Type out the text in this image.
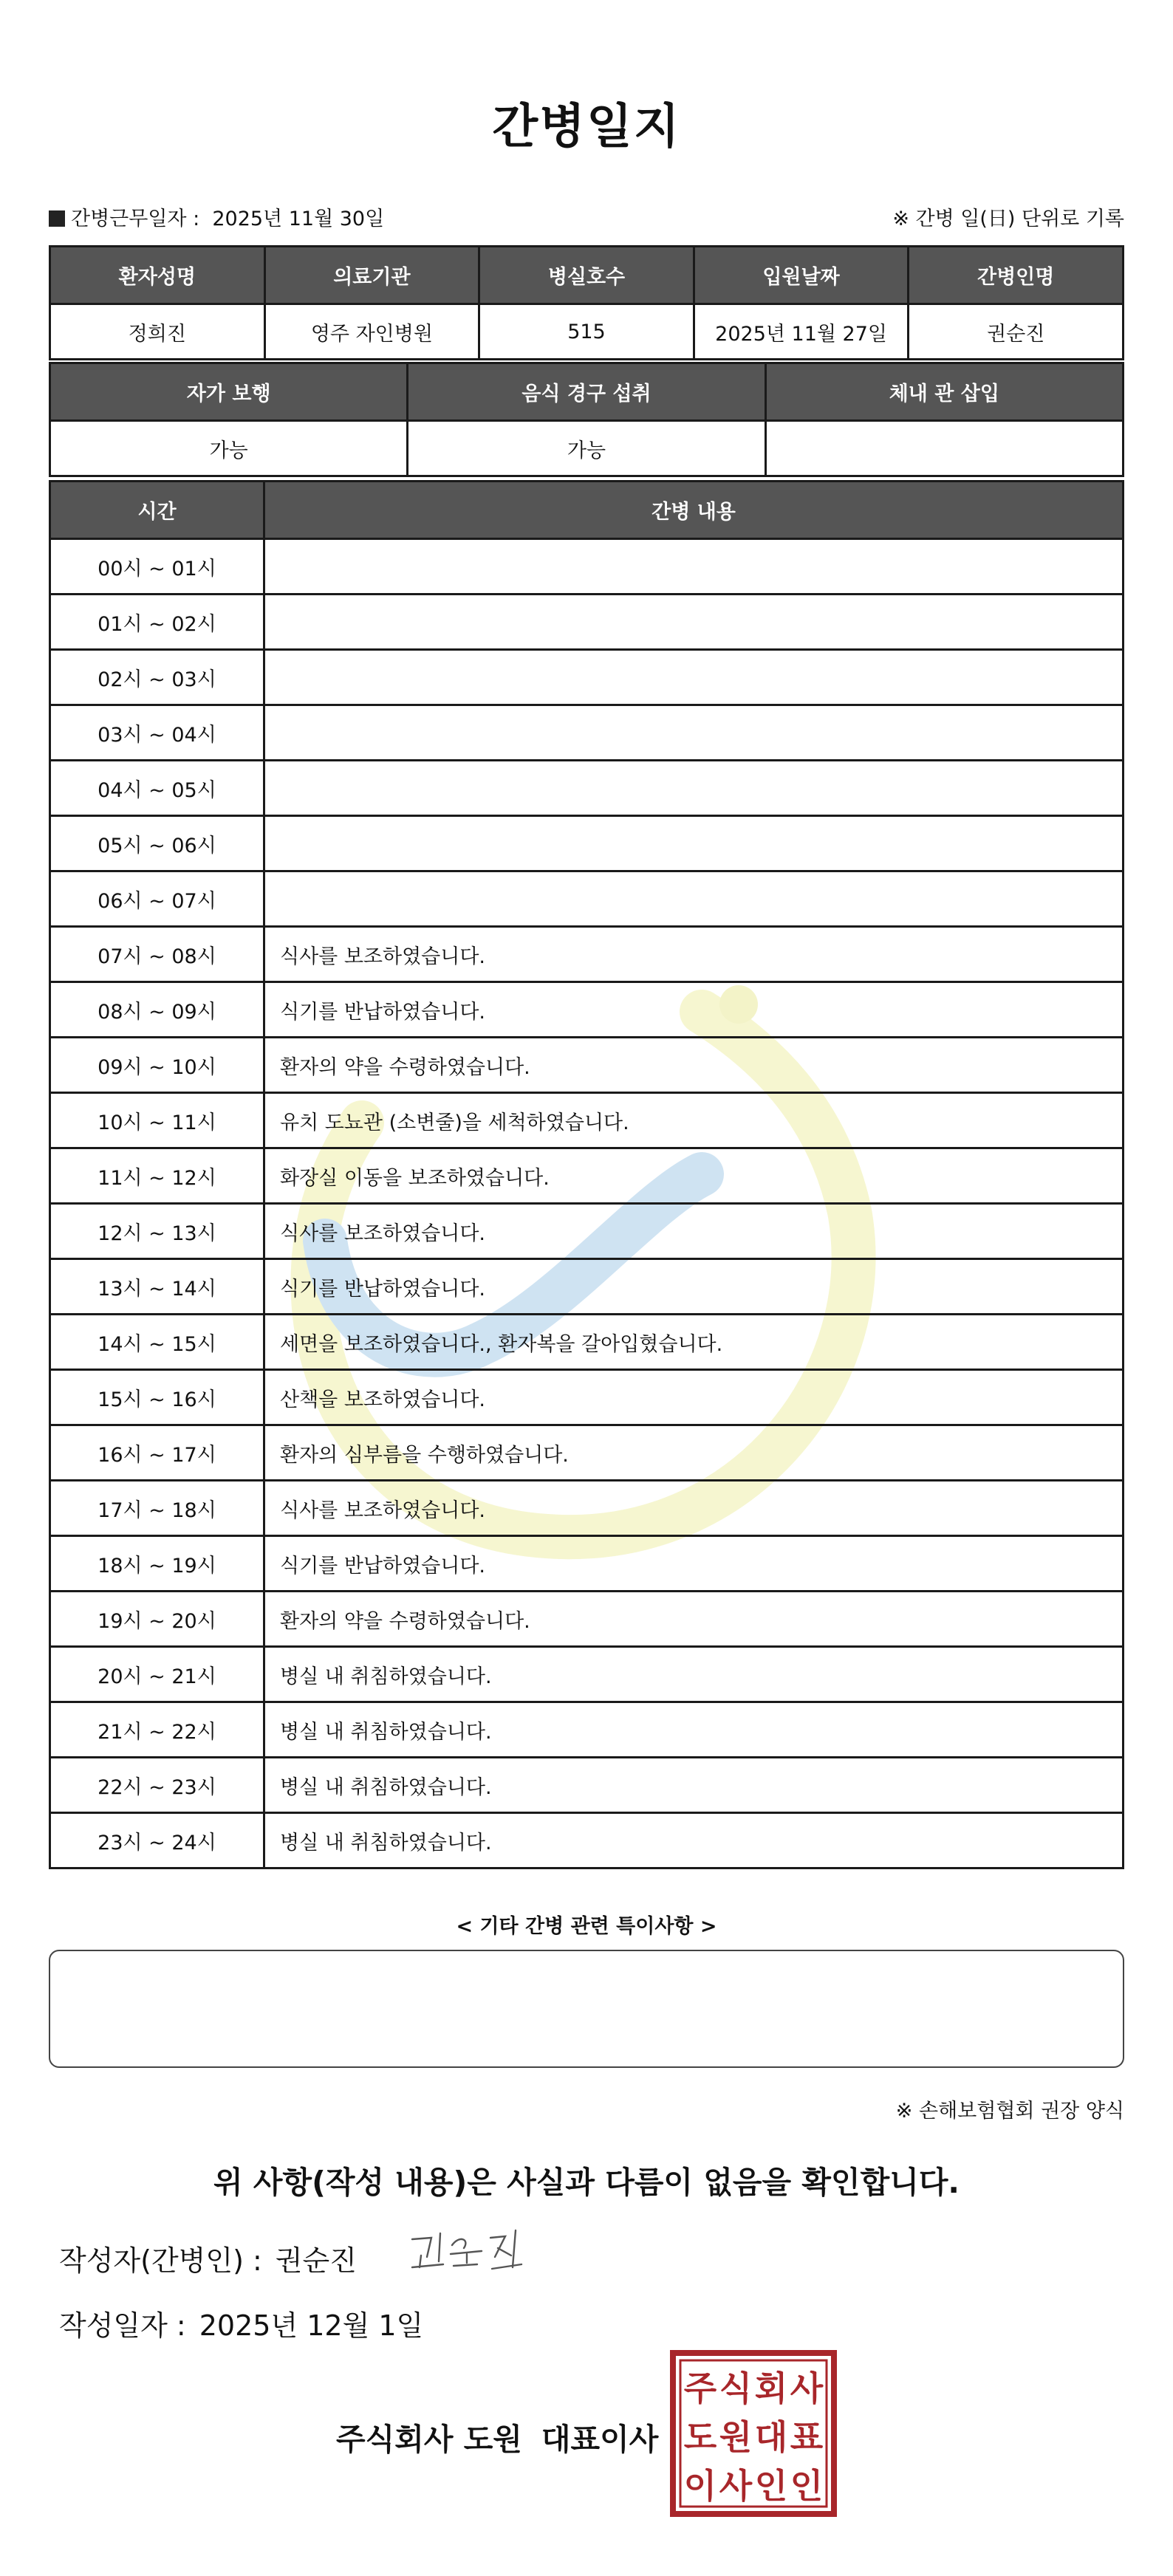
간병일지
간병근무일자 : 2025년 11월 30일	※ 간병 일(日) 단위로 기록
환자성명	의료기관	병실호수	입원날짜	간병인명
정희진	영주 자인병원	515	2025년 11월 27일	권순진
자가 보행	음식 경구 섭취	체내 관 삽입
가능	가능	
시간	간병 내용
00시 ~ 01시	
01시 ~ 02시	
02시 ~ 03시	
03시 ~ 04시	
04시 ~ 05시	
05시 ~ 06시	
06시 ~ 07시	
07시 ~ 08시	식사를 보조하였습니다.
08시 ~ 09시	식기를 반납하였습니다.
09시 ~ 10시	환자의 약을 수령하였습니다.
10시 ~ 11시	유치 도뇨관 (소변줄)을 세척하였습니다.
11시 ~ 12시	화장실 이동을 보조하였습니다.
12시 ~ 13시	식사를 보조하였습니다.
13시 ~ 14시	식기를 반납하였습니다.
14시 ~ 15시	세면을 보조하였습니다., 환자복을 갈아입혔습니다.
15시 ~ 16시	산책을 보조하였습니다.
16시 ~ 17시	환자의 심부름을 수행하였습니다.
17시 ~ 18시	식사를 보조하였습니다.
18시 ~ 19시	식기를 반납하였습니다.
19시 ~ 20시	환자의 약을 수령하였습니다.
20시 ~ 21시	병실 내 취침하였습니다.
21시 ~ 22시	병실 내 취침하였습니다.
22시 ~ 23시	병실 내 취침하였습니다.
23시 ~ 24시	병실 내 취침하였습니다.
< 기타 간병 관련 특이사항 >
※ 손해보험협회 권장 양식
위 사항(작성 내용)은 사실과 다름이 없음을 확인합니다.
작성자(간병인) : 권순진
작성일자 : 2025년 12월 1일
주식회사 도원 대표이사
주 식 회 사
도 원 대 표
이 사 인 인
